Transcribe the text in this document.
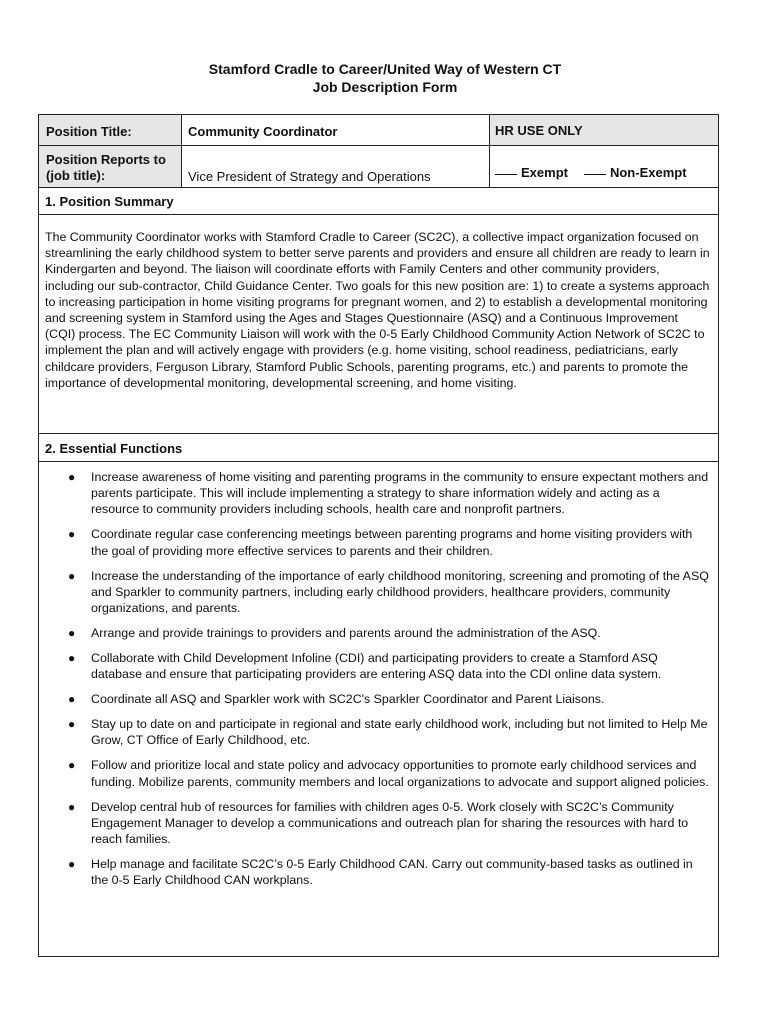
Stamford Cradle to Career/United Way of Western CT
Job Description Form
Position Title:
Position Reports to (job title):
Community Coordinator
Vice President of Strategy and Operations
HR USE ONLY
Exempt	Non-Exempt
1. Position Summary
The Community Coordinator works with Stamford Cradle to Career (SC2C), a collective impact organization focused on streamlining the early childhood system to better serve parents and providers and ensure all children are ready to learn in Kindergarten and beyond. The liaison will coordinate efforts with Family Centers and other community providers, including our sub-contractor, Child Guidance Center. Two goals for this new position are: 1) to create a systems approach to increasing participation in home visiting programs for pregnant women, and 2) to establish a developmental monitoring and screening system in Stamford using the Ages and Stages Questionnaire (ASQ) and a Continuous Improvement (CQI) process. The EC Community Liaison will work with the 0-5 Early Childhood Community Action Network of SC2C to implement the plan and will actively engage with providers (e.g. home visiting, school readiness, pediatricians, early childcare providers, Ferguson Library, Stamford Public Schools, parenting programs, etc.) and parents to promote the importance of developmental monitoring, developmental screening, and home visiting.
2. Essential Functions
● Increase awareness of home visiting and parenting programs in the community to ensure expectant mothers and parents participate. This will include implementing a strategy to share information widely and acting as a resource to community providers including schools, health care and nonprofit partners.
● Coordinate regular case conferencing meetings between parenting programs and home visiting providers with the goal of providing more effective services to parents and their children.
● Increase the understanding of the importance of early childhood monitoring, screening and promoting of the ASQ and Sparkler to community partners, including early childhood providers, healthcare providers, community organizations, and parents.
● Arrange and provide trainings to providers and parents around the administration of the ASQ.
● Collaborate with Child Development Infoline (CDI) and participating providers to create a Stamford ASQ database and ensure that participating providers are entering ASQ data into the CDI online data system.
● Coordinate all ASQ and Sparkler work with SC2C's Sparkler Coordinator and Parent Liaisons.
● Stay up to date on and participate in regional and state early childhood work, including but not limited to Help Me Grow, CT Office of Early Childhood, etc.
● Follow and prioritize local and state policy and advocacy opportunities to promote early childhood services and funding. Mobilize parents, community members and local organizations to advocate and support aligned policies.
● Develop central hub of resources for families with children ages 0-5. Work closely with SC2C’s Community Engagement Manager to develop a communications and outreach plan for sharing the resources with hard to reach families.
● Help manage and facilitate SC2C’s 0-5 Early Childhood CAN. Carry out community-based tasks as outlined in the 0-5 Early Childhood CAN workplans.
